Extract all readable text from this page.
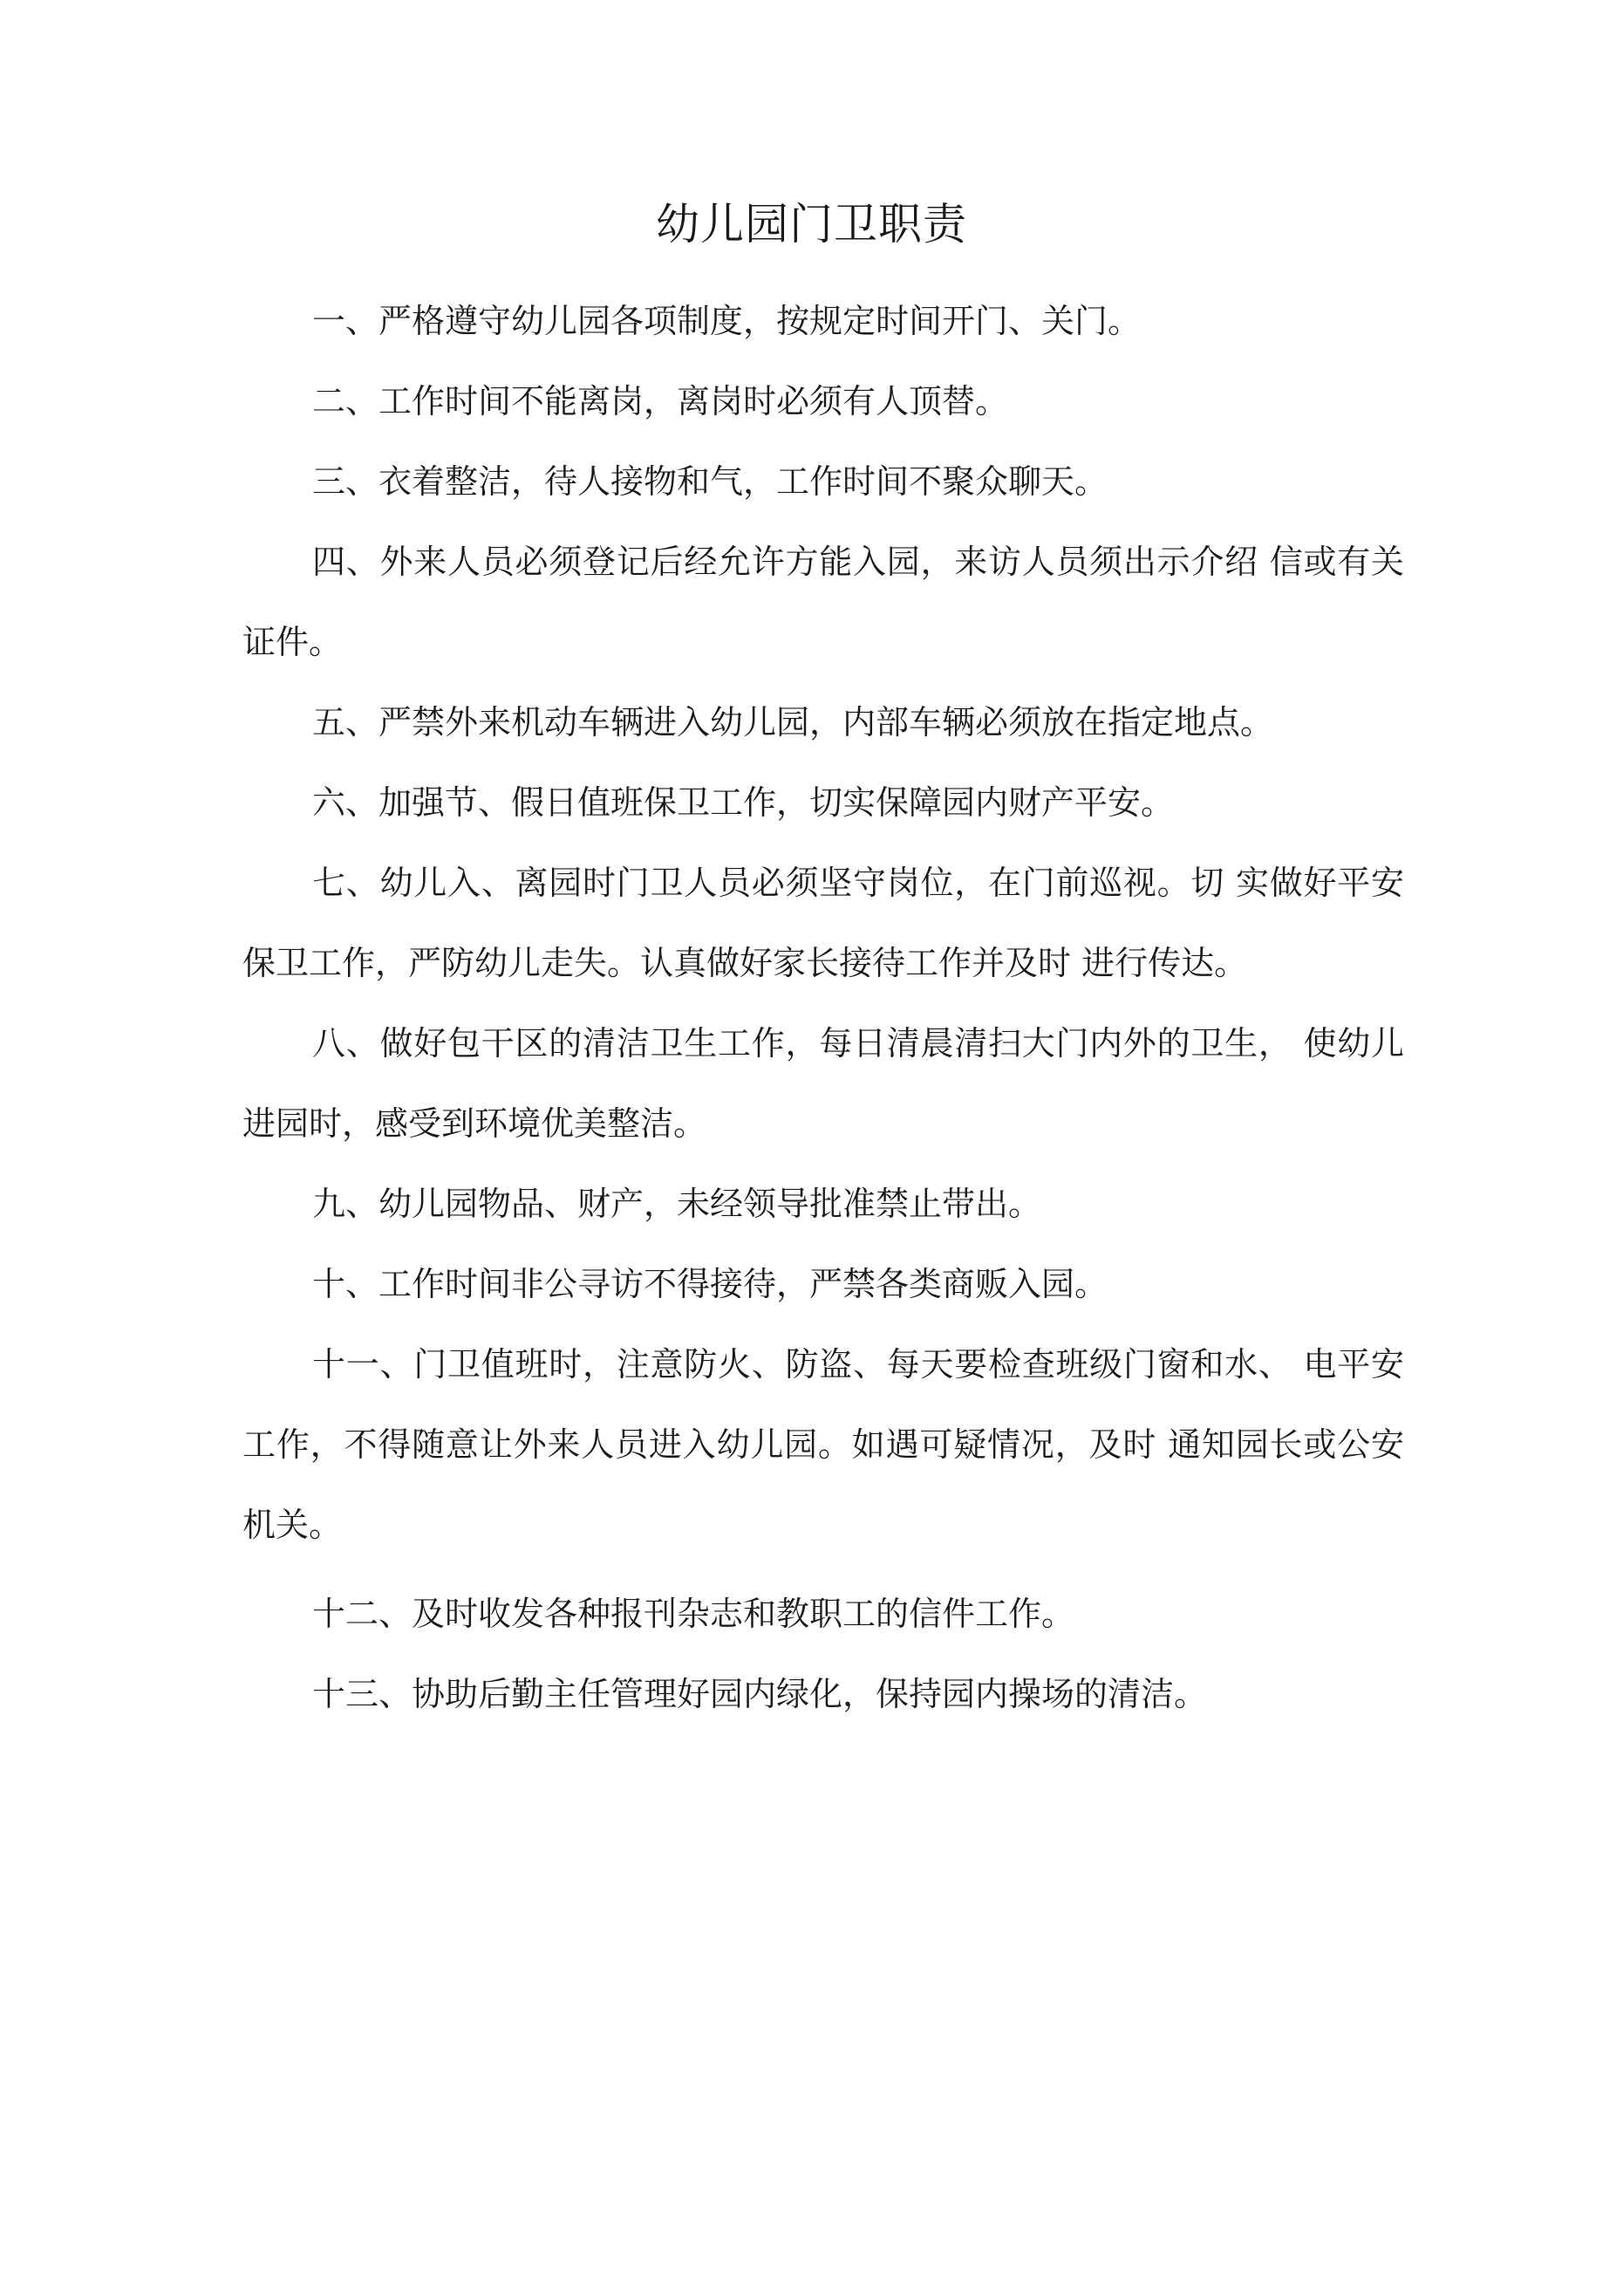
幼儿园门卫职责

一、严格遵守幼儿园各项制度，按规定时间开门、关门。

二、工作时间不能离岗，离岗时必须有人顶替。

三、衣着整洁，待人接物和气，工作时间不聚众聊天。

四、外来人员必须登记后经允许方能入园，来访人员须出示介绍 信或有关证件。

五、严禁外来机动车辆进入幼儿园，内部车辆必须放在指定地点。

六、加强节、假日值班保卫工作，切实保障园内财产平安。

七、幼儿入、离园时门卫人员必须坚守岗位，在门前巡视。切 实做好平安保卫工作，严防幼儿走失。认真做好家长接待工作并及时 进行传达。

八、做好包干区的清洁卫生工作，每日清晨清扫大门内外的卫生， 使幼儿进园时，感受到环境优美整洁。

九、幼儿园物品、财产，未经领导批准禁止带出。

十、工作时间非公寻访不得接待，严禁各类商贩入园。

十一、门卫值班时，注意防火、防盗、每天要检查班级门窗和水、 电平安工作，不得随意让外来人员进入幼儿园。如遇可疑情况，及时 通知园长或公安机关。

十二、及时收发各种报刊杂志和教职工的信件工作。

十三、协助后勤主任管理好园内绿化，保持园内操场的清洁。
